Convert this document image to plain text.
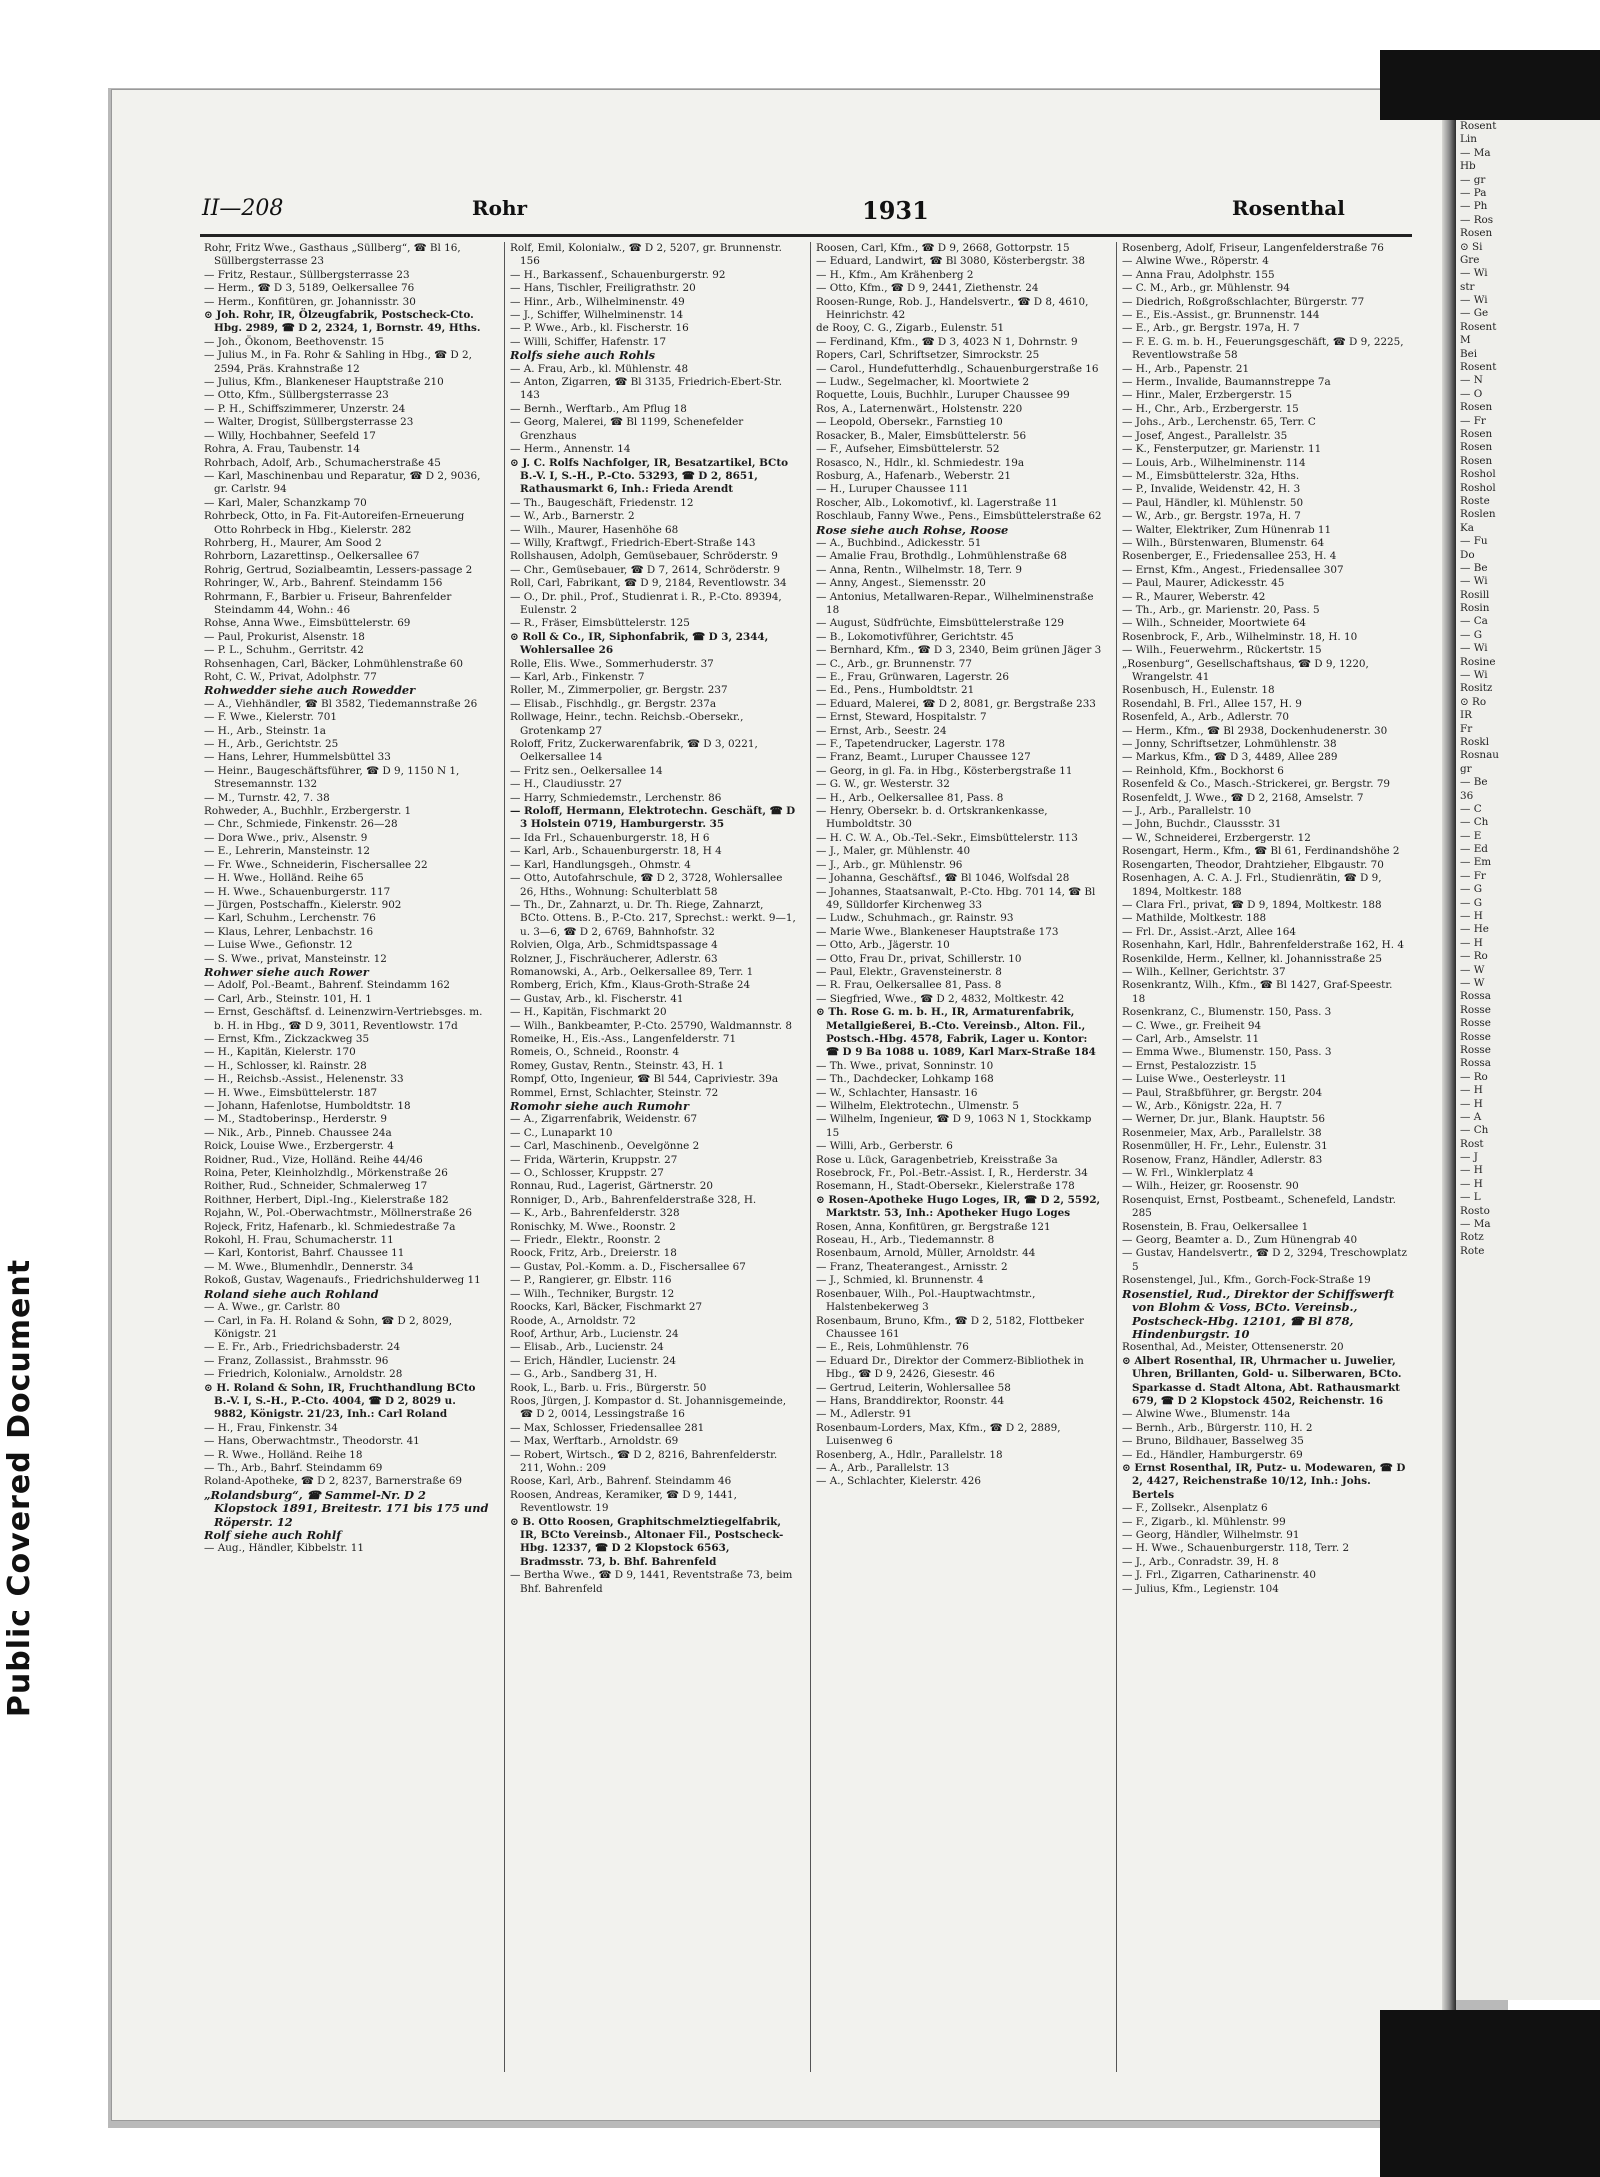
II—208	Rohr	1931	Rosenthal

Rohr, Fritz Wwe., Gasthaus „Süllberg“, ☎ Bl 16, Süllbergsterrasse 23

— Fritz, Restaur., Süllbergsterrasse 23

— Herm., ☎ D 3, 5189, Oelkersallee 76

— Herm., Konfitüren, gr. Johannisstr. 30

⊙ Joh. Rohr, IR, Ölzeugfabrik, Postscheck-Cto. Hbg. 2989, ☎ D 2, 2324, 1, Bornstr. 49, Hths.

— Joh., Ökonom, Beethovenstr. 15

— Julius M., in Fa. Rohr & Sahling in Hbg., ☎ D 2, 2594, Präs. Krahnstraße 12

— Julius, Kfm., Blankeneser Hauptstraße 210

— Otto, Kfm., Süllbergsterrasse 23

— P. H., Schiffszimmerer, Unzerstr. 24

— Walter, Drogist, Süllbergsterrasse 23

— Willy, Hochbahner, Seefeld 17

Rohra, A. Frau, Taubenstr. 14

Rohrbach, Adolf, Arb., Schumacherstraße 45

— Karl, Maschinenbau und Reparatur, ☎ D 2, 9036, gr. Carlstr. 94

— Karl, Maler, Schanzkamp 70

Rohrbeck, Otto, in Fa. Fit-Autoreifen-Erneuerung Otto Rohrbeck in Hbg., Kielerstr. 282

Rohrberg, H., Maurer, Am Sood 2

Rohrborn, Lazarettinsp., Oelkersallee 67

Rohrig, Gertrud, Sozialbeamtin, Lessers-passage 2

Rohringer, W., Arb., Bahrenf. Steindamm 156

Rohrmann, F., Barbier u. Friseur, Bahrenfelder Steindamm 44, Wohn.: 46

Rohse, Anna Wwe., Eimsbüttelerstr. 69

— Paul, Prokurist, Alsenstr. 18

— P. L., Schuhm., Gerritstr. 42

Rohsenhagen, Carl, Bäcker, Lohmühlenstraße 60

Roht, C. W., Privat, Adolphstr. 77

Rohwedder siehe auch Rowedder

— A., Viehhändler, ☎ Bl 3582, Tiedemannstraße 26

— F. Wwe., Kielerstr. 701

— H., Arb., Steinstr. 1a

— H., Arb., Gerichtstr. 25

— Hans, Lehrer, Hummelsbüttel 33

— Heinr., Baugeschäftsführer, ☎ D 9, 1150 N 1, Stresemannstr. 132

— M., Turnstr. 42, 7. 38

Rohweder, A., Buchhlr., Erzbergerstr. 1

— Chr., Schmiede, Finkenstr. 26—28

— Dora Wwe., priv., Alsenstr. 9

— E., Lehrerin, Mansteinstr. 12

— Fr. Wwe., Schneiderin, Fischersallee 22

— H. Wwe., Holländ. Reihe 65

— H. Wwe., Schauenburgerstr. 117

— Jürgen, Postschaffn., Kielerstr. 902

— Karl, Schuhm., Lerchenstr. 76

— Klaus, Lehrer, Lenbachstr. 16

— Luise Wwe., Gefionstr. 12

— S. Wwe., privat, Mansteinstr. 12

Rohwer siehe auch Rower

— Adolf, Pol.-Beamt., Bahrenf. Steindamm 162

— Carl, Arb., Steinstr. 101, H. 1

— Ernst, Geschäftsf. d. Leinenzwirn-Vertriebsges. m. b. H. in Hbg., ☎ D 9, 3011, Reventlowstr. 17d

— Ernst, Kfm., Zickzackweg 35

— H., Kapitän, Kielerstr. 170

— H., Schlosser, kl. Rainstr. 28

— H., Reichsb.-Assist., Helenenstr. 33

— H. Wwe., Eimsbüttelerstr. 187

— Johann, Hafenlotse, Humboldtstr. 18

— M., Stadtoberinsp., Herderstr. 9

— Nik., Arb., Pinneb. Chaussee 24a

Roick, Louise Wwe., Erzbergerstr. 4

Roidner, Rud., Vize, Holländ. Reihe 44/46

Roina, Peter, Kleinholzhdlg., Mörkenstraße 26

Roither, Rud., Schneider, Schmalerweg 17

Roithner, Herbert, Dipl.-Ing., Kielerstraße 182

Rojahn, W., Pol.-Oberwachtmstr., Möllnerstraße 26

Rojeck, Fritz, Hafenarb., kl. Schmiedestraße 7a

Rokohl, H. Frau, Schumacherstr. 11

— Karl, Kontorist, Bahrf. Chaussee 11

— M. Wwe., Blumenhdlr., Dennerstr. 34

Rokoß, Gustav, Wagenaufs., Friedrichshulderweg 11

Roland siehe auch Rohland

— A. Wwe., gr. Carlstr. 80

— Carl, in Fa. H. Roland & Sohn, ☎ D 2, 8029, Königstr. 21

— E. Fr., Arb., Friedrichsbaderstr. 24

— Franz, Zollassist., Brahmsstr. 96

— Friedrich, Kolonialw., Arnoldstr. 28

⊙ H. Roland & Sohn, IR, Fruchthandlung BCto B.-V. I, S.-H., P.-Cto. 4004, ☎ D 2, 8029 u. 9882, Königstr. 21/23, Inh.: Carl Roland

— H., Frau, Finkenstr. 34

— Hans, Oberwachtmstr., Theodorstr. 41

— R. Wwe., Holländ. Reihe 18

— Th., Arb., Bahrf. Steindamm 69

Roland-Apotheke, ☎ D 2, 8237, Barnerstraße 69

„Rolandsburg“, ☎ Sammel-Nr. D 2 Klopstock 1891, Breitestr. 171 bis 175 und Röperstr. 12

Rolf siehe auch Rohlf

— Aug., Händler, Kibbelstr. 11

Rolf, Emil, Kolonialw., ☎ D 2, 5207, gr. Brunnenstr. 156

— H., Barkassenf., Schauenburgerstr. 92

— Hans, Tischler, Freiligrathstr. 20

— Hinr., Arb., Wilhelminenstr. 49

— J., Schiffer, Wilhelminenstr. 14

— P. Wwe., Arb., kl. Fischerstr. 16

— Willi, Schiffer, Hafenstr. 17

Rolfs siehe auch Rohls

— A. Frau, Arb., kl. Mühlenstr. 48

— Anton, Zigarren, ☎ Bl 3135, Friedrich-Ebert-Str. 143

— Bernh., Werftarb., Am Pflug 18

— Georg, Malerei, ☎ Bl 1199, Schenefelder Grenzhaus

— Herm., Annenstr. 14

⊙ J. C. Rolfs Nachfolger, IR, Besatzartikel, BCto B.-V. I, S.-H., P.-Cto. 53293, ☎ D 2, 8651, Rathausmarkt 6, Inh.: Frieda Arendt

— Th., Baugeschäft, Friedenstr. 12

— W., Arb., Barnerstr. 2

— Wilh., Maurer, Hasenhöhe 68

— Willy, Kraftwgf., Friedrich-Ebert-Straße 143

Rollshausen, Adolph, Gemüsebauer, Schröderstr. 9

— Chr., Gemüsebauer, ☎ D 7, 2614, Schröderstr. 9

Roll, Carl, Fabrikant, ☎ D 9, 2184, Reventlowstr. 34

— O., Dr. phil., Prof., Studienrat i. R., P.-Cto. 89394, Eulenstr. 2

— R., Fräser, Eimsbüttelerstr. 125

⊙ Roll & Co., IR, Siphonfabrik, ☎ D 3, 2344, Wohlersallee 26

Rolle, Elis. Wwe., Sommerhuderstr. 37

— Karl, Arb., Finkenstr. 7

Roller, M., Zimmerpolier, gr. Bergstr. 237

— Elisab., Fischhdlg., gr. Bergstr. 237a

Rollwage, Heinr., techn. Reichsb.-Obersekr., Grotenkamp 27

Roloff, Fritz, Zuckerwarenfabrik, ☎ D 3, 0221, Oelkersallee 14

— Fritz sen., Oelkersallee 14

— H., Claudiusstr. 27

— Harry, Schmiedemstr., Lerchenstr. 86

— Roloff, Hermann, Elektrotechn. Geschäft, ☎ D 3 Holstein 0719, Hamburgerstr. 35

— Ida Frl., Schauenburgerstr. 18, H 6

— Karl, Arb., Schauenburgerstr. 18, H 4

— Karl, Handlungsgeh., Ohmstr. 4

— Otto, Autofahrschule, ☎ D 2, 3728, Wohlersallee 26, Hths., Wohnung: Schulterblatt 58

— Th., Dr., Zahnarzt, u. Dr. Th. Riege, Zahnarzt, BCto. Ottens. B., P.-Cto. 217, Sprechst.: werkt. 9—1, u. 3—6, ☎ D 2, 6769, Bahnhofstr. 32

Rolvien, Olga, Arb., Schmidtspassage 4

Rolzner, J., Fischräucherer, Adlerstr. 63

Romanowski, A., Arb., Oelkersallee 89, Terr. 1

Romberg, Erich, Kfm., Klaus-Groth-Straße 24

— Gustav, Arb., kl. Fischerstr. 41

— H., Kapitän, Fischmarkt 20

— Wilh., Bankbeamter, P.-Cto. 25790, Waldmannstr. 8

Romeike, H., Eis.-Ass., Langenfelderstr. 71

Romeis, O., Schneid., Roonstr. 4

Romey, Gustav, Rentn., Steinstr. 43, H. 1

Rompf, Otto, Ingenieur, ☎ Bl 544, Capriviestr. 39a

Rommel, Ernst, Schlachter, Steinstr. 72

Romohr siehe auch Rumohr

— A., Zigarrenfabrik, Weidenstr. 67

— C., Lunaparkt 10

— Carl, Maschinenb., Oevelgönne 2

— Frida, Wärterin, Kruppstr. 27

— O., Schlosser, Kruppstr. 27

Ronnau, Rud., Lagerist, Gärtnerstr. 20

Ronniger, D., Arb., Bahrenfelderstraße 328, H.

— K., Arb., Bahrenfelderstr. 328

Ronischky, M. Wwe., Roonstr. 2

— Friedr., Elektr., Roonstr. 2

Roock, Fritz, Arb., Dreierstr. 18

— Gustav, Pol.-Komm. a. D., Fischersallee 67

— P., Rangierer, gr. Elbstr. 116

— Wilh., Techniker, Burgstr. 12

Roocks, Karl, Bäcker, Fischmarkt 27

Roode, A., Arnoldstr. 72

Roof, Arthur, Arb., Lucienstr. 24

— Elisab., Arb., Lucienstr. 24

— Erich, Händler, Lucienstr. 24

— G., Arb., Sandberg 31, H.

Rook, L., Barb. u. Fris., Bürgerstr. 50

Roos, Jürgen, J. Kompastor d. St. Johannisgemeinde, ☎ D 2, 0014, Lessingstraße 16

— Max, Schlosser, Friedensallee 281

— Max, Werftarb., Arnoldstr. 69

— Robert, Wirtsch., ☎ D 2, 8216, Bahrenfelderstr. 211, Wohn.: 209

Roose, Karl, Arb., Bahrenf. Steindamm 46

Roosen, Andreas, Keramiker, ☎ D 9, 1441, Reventlowstr. 19

⊙ B. Otto Roosen, Graphitschmelztiegelfabrik, IR, BCto Vereinsb., Altonaer Fil., Postscheck-Hbg. 12337, ☎ D 2 Klopstock 6563, Bradmsstr. 73, b. Bhf. Bahrenfeld

— Bertha Wwe., ☎ D 9, 1441, Reventstraße 73, beim Bhf. Bahrenfeld

Roosen, Carl, Kfm., ☎ D 9, 2668, Gottorpstr. 15

— Eduard, Landwirt, ☎ Bl 3080, Kösterbergstr. 38

— H., Kfm., Am Krähenberg 2

— Otto, Kfm., ☎ D 9, 2441, Ziethenstr. 24

Roosen-Runge, Rob. J., Handelsvertr., ☎ D 8, 4610, Heinrichstr. 42

de Rooy, C. G., Zigarb., Eulenstr. 51

— Ferdinand, Kfm., ☎ D 3, 4023 N 1, Dohrnstr. 9

Ropers, Carl, Schriftsetzer, Simrockstr. 25

— Carol., Hundefutterhdlg., Schauenburgerstraße 16

— Ludw., Segelmacher, kl. Moortwiete 2

Roquette, Louis, Buchhlr., Luruper Chaussee 99

Ros, A., Laternenwärt., Holstenstr. 220

— Leopold, Obersekr., Farnstieg 10

Rosacker, B., Maler, Eimsbüttelerstr. 56

— F., Aufseher, Eimsbüttelerstr. 52

Rosasco, N., Hdlr., kl. Schmiedestr. 19a

Rosburg, A., Hafenarb., Weberstr. 21

— H., Luruper Chaussee 111

Roscher, Alb., Lokomotivf., kl. Lagerstraße 11

Roschlaub, Fanny Wwe., Pens., Eimsbüttelerstraße 62

Rose siehe auch Rohse, Roose

— A., Buchbind., Adickesstr. 51

— Amalie Frau, Brothdlg., Lohmühlenstraße 68

— Anna, Rentn., Wilhelmstr. 18, Terr. 9

— Anny, Angest., Siemensstr. 20

— Antonius, Metallwaren-Repar., Wilhelminenstraße 18

— August, Südfrüchte, Eimsbüttelerstraße 129

— B., Lokomotivführer, Gerichtstr. 45

— Bernhard, Kfm., ☎ D 3, 2340, Beim grünen Jäger 3

— C., Arb., gr. Brunnenstr. 77

— E., Frau, Grünwaren, Lagerstr. 26

— Ed., Pens., Humboldtstr. 21

— Eduard, Malerei, ☎ D 2, 8081, gr. Bergstraße 233

— Ernst, Steward, Hospitalstr. 7

— Ernst, Arb., Seestr. 24

— F., Tapetendrucker, Lagerstr. 178

— Franz, Beamt., Luruper Chaussee 127

— Georg, in gl. Fa. in Hbg., Kösterbergstraße 11

— G. W., gr. Westerstr. 32

— H., Arb., Oelkersallee 81, Pass. 8

— Henry, Obersekr. b. d. Ortskrankenkasse, Humboldtstr. 30

— H. C. W. A., Ob.-Tel.-Sekr., Eimsbüttelerstr. 113

— J., Maler, gr. Mühlenstr. 40

— J., Arb., gr. Mühlenstr. 96

— Johanna, Geschäftsf., ☎ Bl 1046, Wolfsdal 28

— Johannes, Staatsanwalt, P.-Cto. Hbg. 701 14, ☎ Bl 49, Sülldorfer Kirchenweg 33

— Ludw., Schuhmach., gr. Rainstr. 93

— Marie Wwe., Blankeneser Hauptstraße 173

— Otto, Arb., Jägerstr. 10

— Otto, Frau Dr., privat, Schillerstr. 10

— Paul, Elektr., Gravensteinerstr. 8

— R. Frau, Oelkersallee 81, Pass. 8

— Siegfried, Wwe., ☎ D 2, 4832, Moltkestr. 42

⊙ Th. Rose G. m. b. H., IR, Armaturenfabrik, Metallgießerei, B.-Cto. Vereinsb., Alton. Fil., Postsch.-Hbg. 4578, Fabrik, Lager u. Kontor: ☎ D 9 Ba 1088 u. 1089, Karl Marx-Straße 184

— Th. Wwe., privat, Sonninstr. 10

— Th., Dachdecker, Lohkamp 168

— W., Schlachter, Hansastr. 16

— Wilhelm, Elektrotechn., Ulmenstr. 5

— Wilhelm, Ingenieur, ☎ D 9, 1063 N 1, Stockkamp 15

— Willi, Arb., Gerberstr. 6

Rose u. Lück, Garagenbetrieb, Kreisstraße 3a

Rosebrock, Fr., Pol.-Betr.-Assist. I, R., Herderstr. 34

Rosemann, H., Stadt-Obersekr., Kielerstraße 178

⊙ Rosen-Apotheke Hugo Loges, IR, ☎ D 2, 5592, Marktstr. 53, Inh.: Apotheker Hugo Loges

Rosen, Anna, Konfitüren, gr. Bergstraße 121

Roseau, H., Arb., Tiedemannstr. 8

Rosenbaum, Arnold, Müller, Arnoldstr. 44

— Franz, Theaterangest., Arnisstr. 2

— J., Schmied, kl. Brunnenstr. 4

Rosenbauer, Wilh., Pol.-Hauptwachtmstr., Halstenbekerweg 3

Rosenbaum, Bruno, Kfm., ☎ D 2, 5182, Flottbeker Chaussee 161

— E., Reis, Lohmühlenstr. 76

— Eduard Dr., Direktor der Commerz-Bibliothek in Hbg., ☎ D 9, 2426, Giesestr. 46

— Gertrud, Leiterin, Wohlersallee 58

— Hans, Branddirektor, Roonstr. 44

— M., Adlerstr. 91

Rosenbaum-Lorders, Max, Kfm., ☎ D 2, 2889, Luisenweg 6

Rosenberg, A., Hdlr., Parallelstr. 18

— A., Arb., Parallelstr. 13

— A., Schlachter, Kielerstr. 426

Rosenberg, Adolf, Friseur, Langenfelderstraße 76

— Alwine Wwe., Röperstr. 4

— Anna Frau, Adolphstr. 155

— C. M., Arb., gr. Mühlenstr. 94

— Diedrich, Roßgroßschlachter, Bürgerstr. 77

— E., Eis.-Assist., gr. Brunnenstr. 144

— E., Arb., gr. Bergstr. 197a, H. 7

— F. E. G. m. b. H., Feuerungsgeschäft, ☎ D 9, 2225, Reventlowstraße 58

— H., Arb., Papenstr. 21

— Herm., Invalide, Baumannstreppe 7a

— Hinr., Maler, Erzbergerstr. 15

— H., Chr., Arb., Erzbergerstr. 15

— Johs., Arb., Lerchenstr. 65, Terr. C

— Josef, Angest., Parallelstr. 35

— K., Fensterputzer, gr. Marienstr. 11

— Louis, Arb., Wilhelminenstr. 114

— M., Eimsbüttelerstr. 32a, Hths.

— P., Invalide, Weidenstr. 42, H. 3

— Paul, Händler, kl. Mühlenstr. 50

— W., Arb., gr. Bergstr. 197a, H. 7

— Walter, Elektriker, Zum Hünenrab 11

— Wilh., Bürstenwaren, Blumenstr. 64

Rosenberger, E., Friedensallee 253, H. 4

— Ernst, Kfm., Angest., Friedensallee 307

— Paul, Maurer, Adickesstr. 45

— R., Maurer, Weberstr. 42

— Th., Arb., gr. Marienstr. 20, Pass. 5

— Wilh., Schneider, Moortwiete 64

Rosenbrock, F., Arb., Wilhelminstr. 18, H. 10

— Wilh., Feuerwehrm., Rückertstr. 15

„Rosenburg“, Gesellschaftshaus, ☎ D 9, 1220, Wrangelstr. 41

Rosenbusch, H., Eulenstr. 18

Rosendahl, B. Frl., Allee 157, H. 9

Rosenfeld, A., Arb., Adlerstr. 70

— Herm., Kfm., ☎ Bl 2938, Dockenhudenerstr. 30

— Jonny, Schriftsetzer, Lohmühlenstr. 38

— Markus, Kfm., ☎ D 3, 4489, Allee 289

— Reinhold, Kfm., Bockhorst 6

Rosenfeld & Co., Masch.-Strickerei, gr. Bergstr. 79

Rosenfeldt, J. Wwe., ☎ D 2, 2168, Amselstr. 7

— J., Arb., Parallelstr. 10

— John, Buchdr., Claussstr. 31

— W., Schneiderei, Erzbergerstr. 12

Rosengart, Herm., Kfm., ☎ Bl 61, Ferdinandshöhe 2

Rosengarten, Theodor, Drahtzieher, Elbgaustr. 70

Rosenhagen, A. C. A. J. Frl., Studienrätin, ☎ D 9, 1894, Moltkestr. 188

— Clara Frl., privat, ☎ D 9, 1894, Moltkestr. 188

— Mathilde, Moltkestr. 188

— Frl. Dr., Assist.-Arzt, Allee 164

Rosenhahn, Karl, Hdlr., Bahrenfelderstraße 162, H. 4

Rosenkilde, Herm., Kellner, kl. Johannisstraße 25

— Wilh., Kellner, Gerichtstr. 37

Rosenkrantz, Wilh., Kfm., ☎ Bl 1427, Graf-Speestr. 18

Rosenkranz, C., Blumenstr. 150, Pass. 3

— C. Wwe., gr. Freiheit 94

— Carl, Arb., Amselstr. 11

— Emma Wwe., Blumenstr. 150, Pass. 3

— Ernst, Pestalozzistr. 15

— Luise Wwe., Oesterleystr. 11

— Paul, Straßbführer, gr. Bergstr. 204

— W., Arb., Königstr. 22a, H. 7

— Werner, Dr. jur., Blank. Hauptstr. 56

Rosenmeier, Max, Arb., Parallelstr. 38

Rosenmüller, H. Fr., Lehr., Eulenstr. 31

Rosenow, Franz, Händler, Adlerstr. 83

— W. Frl., Winklerplatz 4

— Wilh., Heizer, gr. Roosenstr. 90

Rosenquist, Ernst, Postbeamt., Schenefeld, Landstr. 285

Rosenstein, B. Frau, Oelkersallee 1

— Georg, Beamter a. D., Zum Hünengrab 40

— Gustav, Handelsvertr., ☎ D 2, 3294, Treschowplatz 5

Rosenstengel, Jul., Kfm., Gorch-Fock-Straße 19

Rosenstiel, Rud., Direktor der Schiffswerft von Blohm & Voss, BCto. Vereinsb., Postscheck-Hbg. 12101, ☎ Bl 878, Hindenburgstr. 10

Rosenthal, Ad., Meister, Ottensenerstr. 20

⊙ Albert Rosenthal, IR, Uhrmacher u. Juwelier, Uhren, Brillanten, Gold- u. Silberwaren, BCto. Sparkasse d. Stadt Altona, Abt. Rathausmarkt 679, ☎ D 2 Klopstock 4502, Reichenstr. 16

— Alwine Wwe., Blumenstr. 14a

— Bernh., Arb., Bürgerstr. 110, H. 2

— Bruno, Bildhauer, Basselweg 35

— Ed., Händler, Hamburgerstr. 69

⊙ Ernst Rosenthal, IR, Putz- u. Modewaren, ☎ D 2, 4427, Reichenstraße 10/12, Inh.: Johs. Bertels

— F., Zollsekr., Alsenplatz 6

— F., Zigarb., kl. Mühlenstr. 99

— Georg, Händler, Wilhelmstr. 91

— H. Wwe., Schauenburgerstr. 118, Terr. 2

— J., Arb., Conradstr. 39, H. 8

— J. Frl., Zigarren, Catharinenstr. 40

— Julius, Kfm., Legienstr. 104

Rosent
Lin
— Ma
Hb
— gr
— Pa
— Ph
— Ros
Rosen
⊙ Si
Gre
— Wi
str
— Wi
— Ge
Rosent
M
Bei
Rosent
— N
— O
Rosen
— Fr
Rosen
Rosen
Rosen
Roshol
Roshol
Roste
Roslen
Ka
— Fu
Do
— Be
— Wi
Rosill
Rosin
— Ca
— G
— Wi
Rosine
— Wi
Rositz
⊙ Ro
IR
Fr
Roskl
Rosnau
gr
— Be
36
— C
— Ch
— E
— Ed
— Em
— Fr
— G
— G
— H
— He
— H
— Ro
— W
— W
Rossa
Rosse
Rosse
Rosse
Rosse
Rossa
— Ro
— H
— H
— A
— Ch
Rost
— J
— H
— H
— L
Rosto
— Ma
Rotz
Rote
Public Covered Document
